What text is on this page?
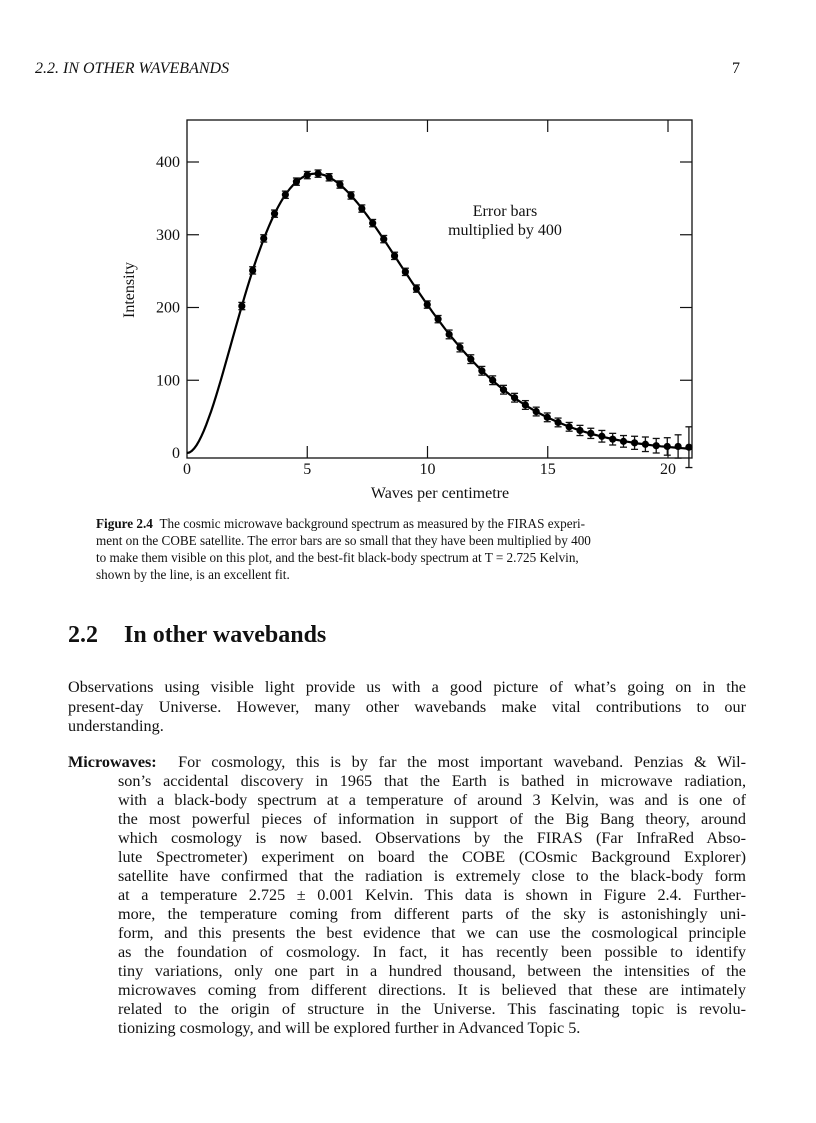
2.2. IN OTHER WAVEBANDS	7
0	5	10	15	20
0
100
200
300
400
Error bars
multiplied by 400
Waves per centimetre
Intensity
Figure 2.4 The cosmic microwave background spectrum as measured by the FIRAS experi-
ment on the COBE satellite. The error bars are so small that they have been multiplied by 400
to make them visible on this plot, and the best-fit black-body spectrum at T = 2.725 Kelvin,
shown by the line, is an excellent fit.
2.2 In other wavebands
Observations using visible light provide us with a good picture of what’s going on in the
present-day Universe. However, many other wavebands make vital contributions to our
understanding.
Microwaves: For cosmology, this is by far the most important waveband. Penzias & Wil-
son’s accidental discovery in 1965 that the Earth is bathed in microwave radiation,
with a black-body spectrum at a temperature of around 3 Kelvin, was and is one of
the most powerful pieces of information in support of the Big Bang theory, around
which cosmology is now based. Observations by the FIRAS (Far InfraRed Abso-
lute Spectrometer) experiment on board the COBE (COsmic Background Explorer)
satellite have confirmed that the radiation is extremely close to the black-body form
at a temperature 2.725 ± 0.001 Kelvin. This data is shown in Figure 2.4. Further-
more, the temperature coming from different parts of the sky is astonishingly uni-
form, and this presents the best evidence that we can use the cosmological principle
as the foundation of cosmology. In fact, it has recently been possible to identify
tiny variations, only one part in a hundred thousand, between the intensities of the
microwaves coming from different directions. It is believed that these are intimately
related to the origin of structure in the Universe. This fascinating topic is revolu-
tionizing cosmology, and will be explored further in Advanced Topic 5.
